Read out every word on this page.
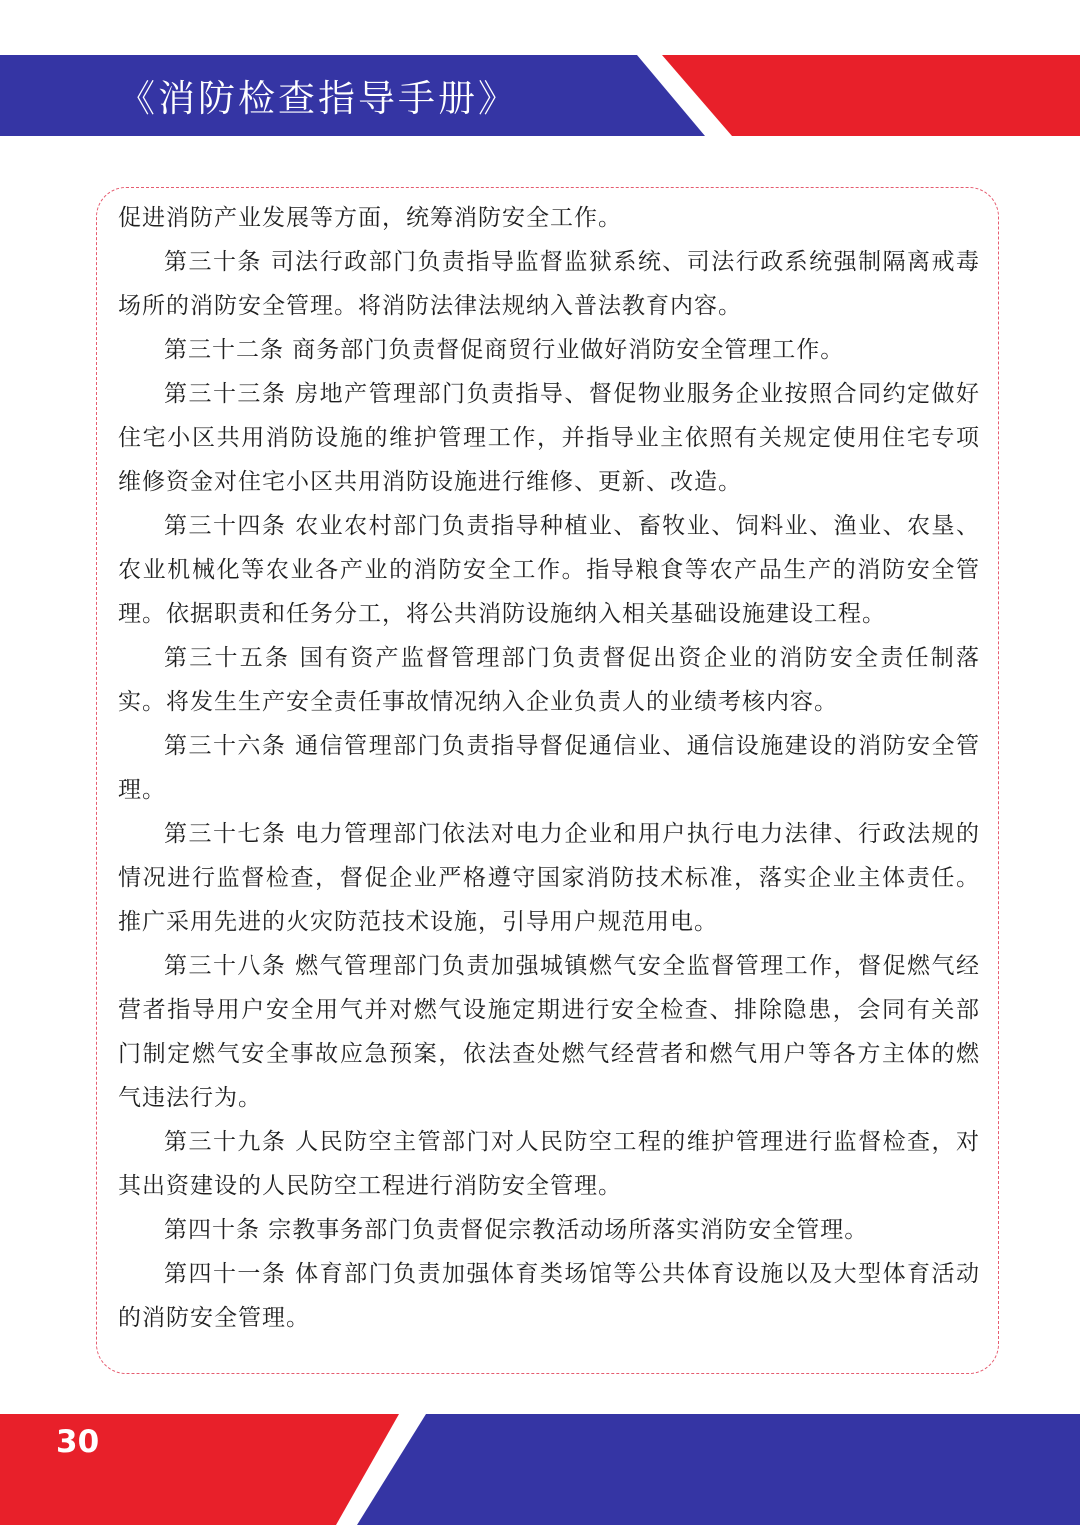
《消防检查指导手册》

促进消防产业发展等方面，统筹消防安全工作。

第三十条 司法行政部门负责指导监督监狱系统、司法行政系统强制隔离戒毒场所的消防安全管理。将消防法律法规纳入普法教育内容。

第三十二条 商务部门负责督促商贸行业做好消防安全管理工作。

第三十三条 房地产管理部门负责指导、督促物业服务企业按照合同约定做好住宅小区共用消防设施的维护管理工作，并指导业主依照有关规定使用住宅专项维修资金对住宅小区共用消防设施进行维修、更新、改造。

第三十四条 农业农村部门负责指导种植业、畜牧业、饲料业、渔业、农垦、农业机械化等农业各产业的消防安全工作。指导粮食等农产品生产的消防安全管理。依据职责和任务分工，将公共消防设施纳入相关基础设施建设工程。

第三十五条 国有资产监督管理部门负责督促出资企业的消防安全责任制落实。将发生生产安全责任事故情况纳入企业负责人的业绩考核内容。

第三十六条 通信管理部门负责指导督促通信业、通信设施建设的消防安全管理。

第三十七条 电力管理部门依法对电力企业和用户执行电力法律、行政法规的情况进行监督检查，督促企业严格遵守国家消防技术标准，落实企业主体责任。推广采用先进的火灾防范技术设施，引导用户规范用电。

第三十八条 燃气管理部门负责加强城镇燃气安全监督管理工作，督促燃气经营者指导用户安全用气并对燃气设施定期进行安全检查、排除隐患，会同有关部门制定燃气安全事故应急预案，依法查处燃气经营者和燃气用户等各方主体的燃气违法行为。

第三十九条 人民防空主管部门对人民防空工程的维护管理进行监督检查，对其出资建设的人民防空工程进行消防安全管理。

第四十条 宗教事务部门负责督促宗教活动场所落实消防安全管理。

第四十一条 体育部门负责加强体育类场馆等公共体育设施以及大型体育活动的消防安全管理。

30
